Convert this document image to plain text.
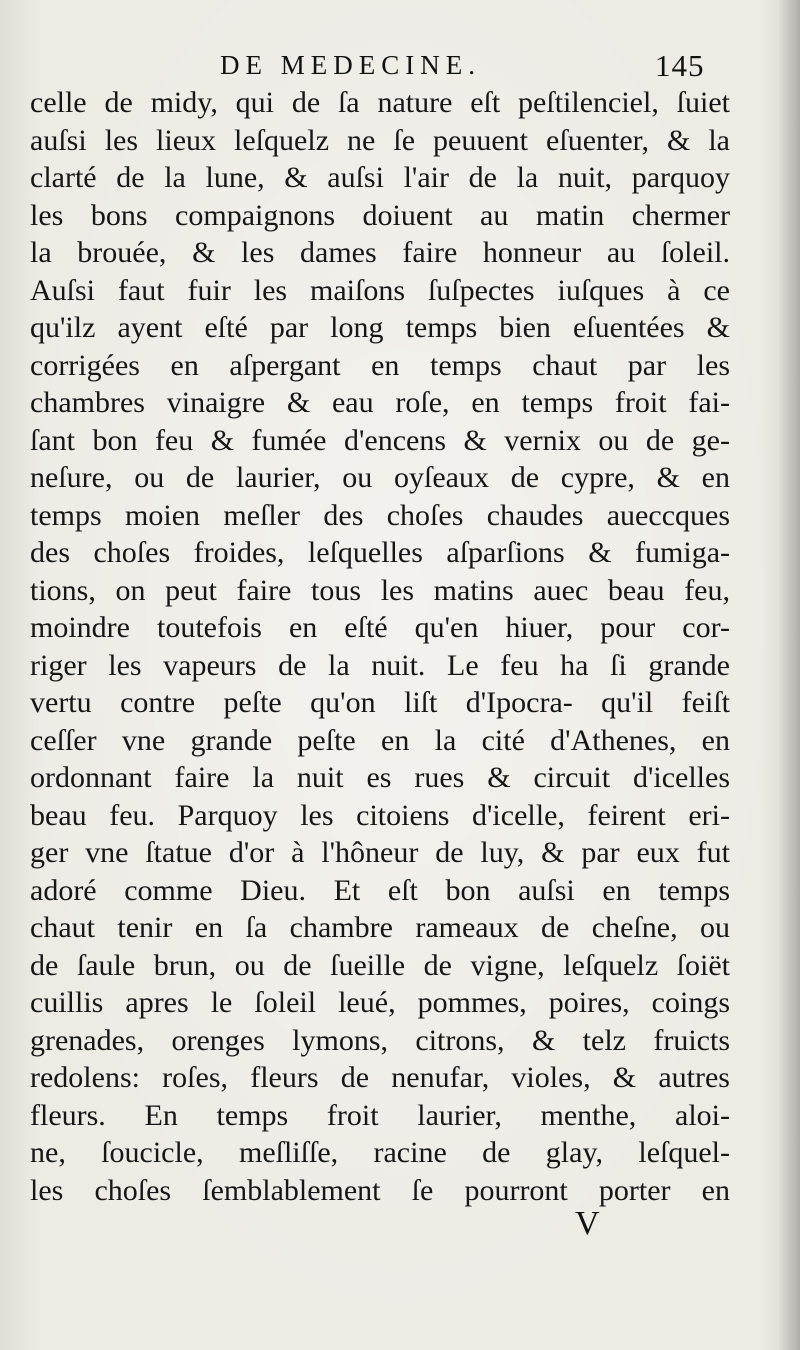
DE MEDECINE.	145
celle de midy, qui de ſa nature eſt peſtilenciel, ſuiet
auſsi les lieux leſquelz ne ſe peuuent eſuenter, & la
clarté de la lune, & auſsi l'air de la nuit, parquoy
les bons compaignons doiuent au matin chermer
la brouée, & les dames faire honneur au ſoleil.
Auſsi faut fuir les maiſons ſuſpectes iuſques à ce
qu'ilz ayent eſté par long temps bien eſuentées &
corrigées en aſpergant en temps chaut par les
chambres vinaigre & eau roſe, en temps froit fai-
ſant bon feu & fumée d'encens & vernix ou de ge-
neſure, ou de laurier, ou oyſeaux de cypre, & en
temps moien meſler des choſes chaudes aueccques
des choſes froides, leſquelles aſparſions & fumiga-
tions, on peut faire tous les matins auec beau feu,
moindre toutefois en eſté qu'en hiuer, pour cor-
riger les vapeurs de la nuit. Le feu ha ſi grande
vertu contre peſte qu'on liſt d'Ipocra- qu'il feiſt
ceſſer vne grande peſte en la cité d'Athenes, en
ordonnant faire la nuit es rues & circuit d'icelles
beau feu. Parquoy les citoiens d'icelle, feirent eri-
ger vne ſtatue d'or à l'hôneur de luy, & par eux fut
adoré comme Dieu. Et eſt bon auſsi en temps
chaut tenir en ſa chambre rameaux de cheſne, ou
de ſaule brun, ou de ſueille de vigne, leſquelz ſoiët
cuillis apres le ſoleil leué, pommes, poires, coings
grenades, orenges lymons, citrons, & telz fruicts
redolens: roſes, fleurs de nenufar, violes, & autres
fleurs. En temps froit laurier, menthe, aloi-
ne, ſoucicle, meſliſſe, racine de glay, leſquel-
les choſes ſemblablement ſe pourront porter en
V
